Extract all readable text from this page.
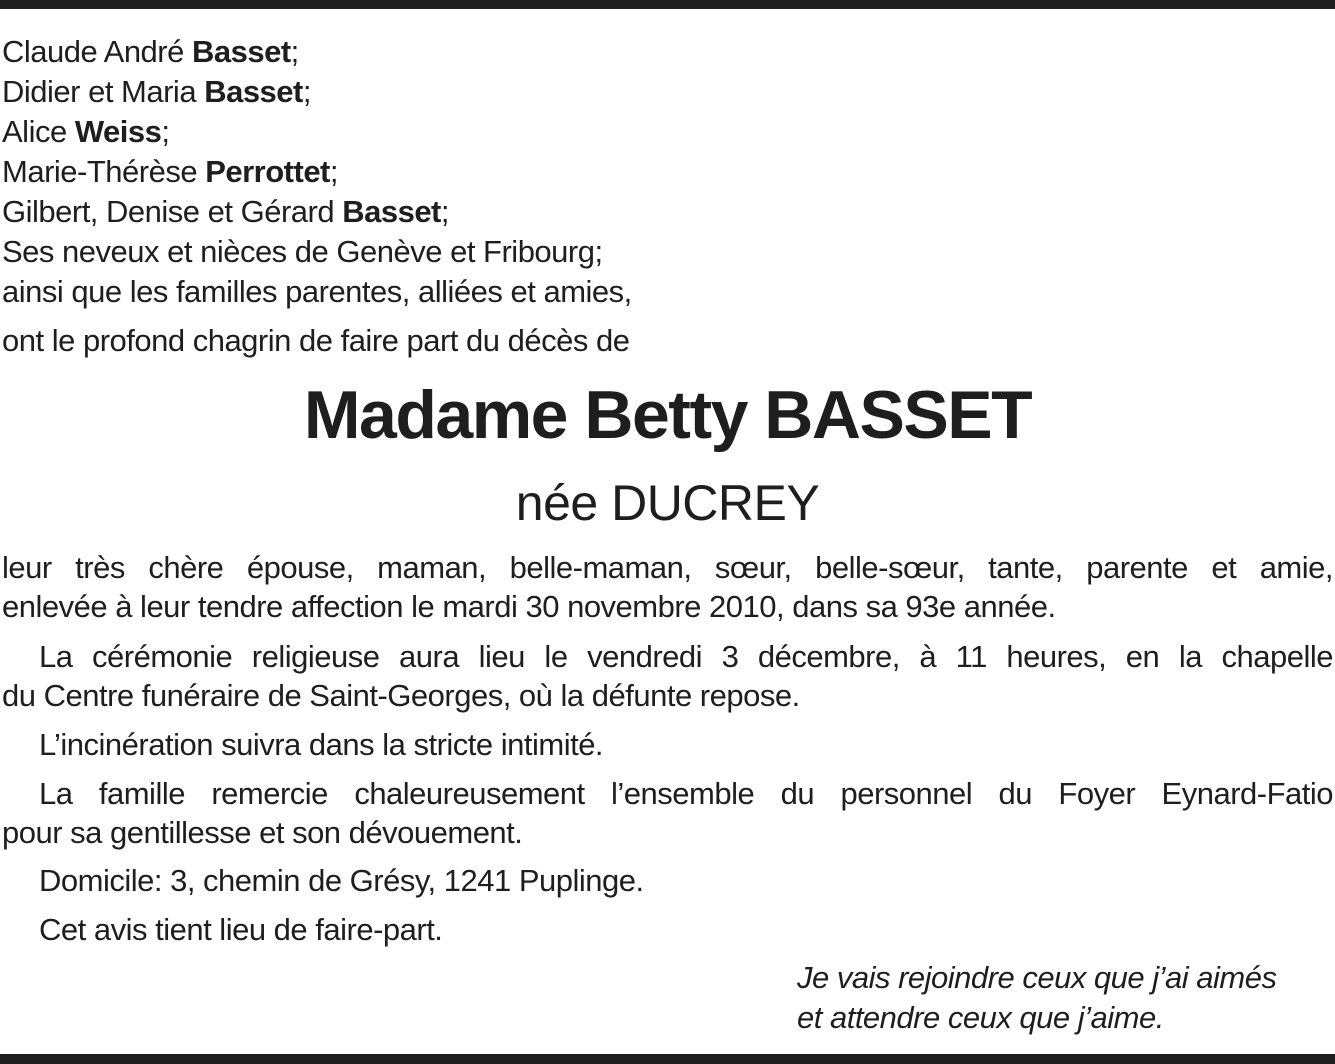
Claude André Basset;
Didier et Maria Basset;
Alice Weiss;
Marie-Thérèse Perrottet;
Gilbert, Denise et Gérard Basset;
Ses neveux et nièces de Genève et Fribourg;
ainsi que les familles parentes, alliées et amies,
ont le profond chagrin de faire part du décès de
Madame Betty BASSET
née DUCREY

leur très chère épouse, maman, belle-maman, sœur, belle-sœur, tante, parente et amie,

enlevée à leur tendre affection le mardi 30 novembre 2010, dans sa 93e année.

La cérémonie religieuse aura lieu le vendredi 3 décembre, à 11 heures, en la chapelle

du Centre funéraire de Saint-Georges, où la défunte repose.

L’incinération suivra dans la stricte intimité.

La famille remercie chaleureusement l’ensemble du personnel du Foyer Eynard-Fatio

pour sa gentillesse et son dévouement.

Domicile: 3, chemin de Grésy, 1241 Puplinge.

Cet avis tient lieu de faire-part.

Je vais rejoindre ceux que j’ai aimés
et attendre ceux que j’aime.
